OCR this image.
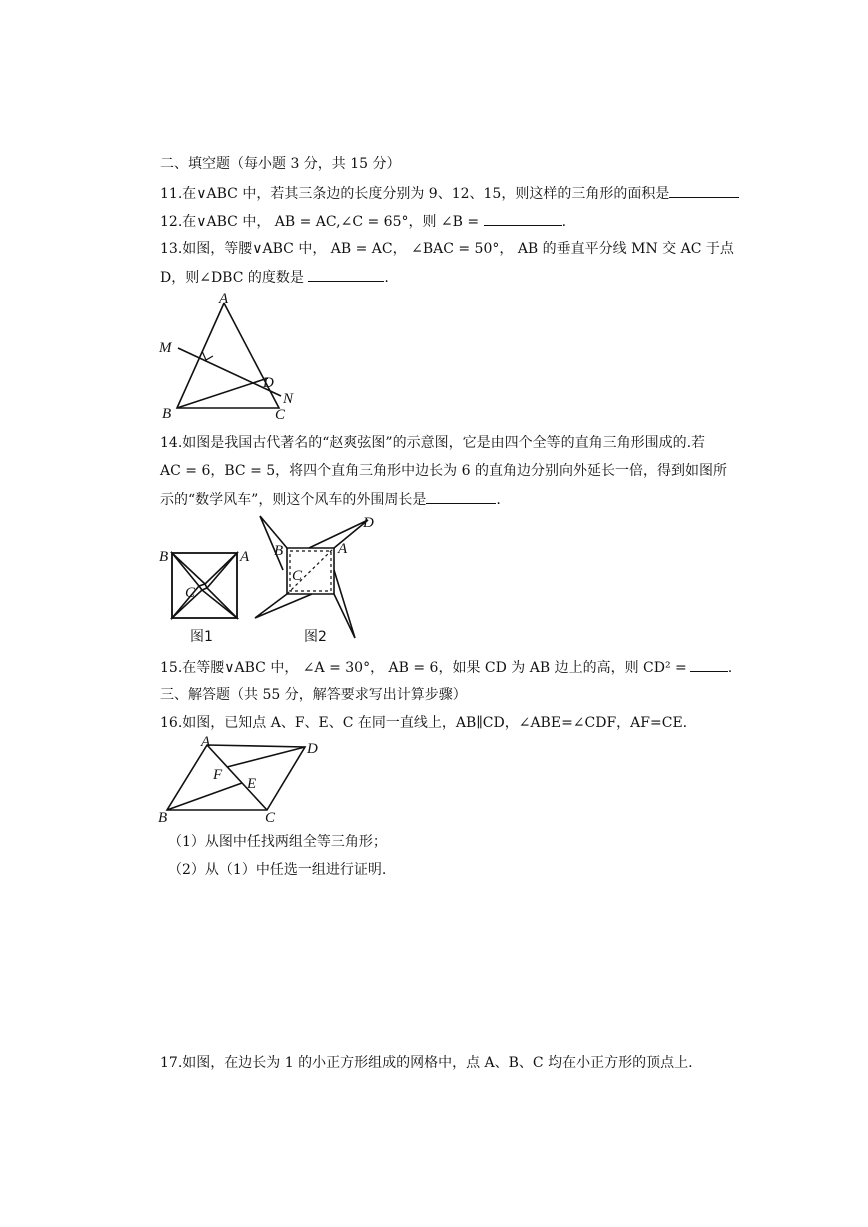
二、填空题（每小题 3 分，共 15 分）
11.在∨ABC 中，若其三条边的长度分别为 9、12、15，则这样的三角形的面积是
12.在∨ABC 中， AB = AC,∠C = 65°，则 ∠B =	.
13.如图，等腰∨ABC 中， AB = AC， ∠BAC = 50°， AB 的垂直平分线 MN 交 AC 于点
D，则∠DBC 的度数是	.
A
M
D
N
B	C
14.如图是我国古代著名的“赵爽弦图”的示意图，它是由四个全等的直角三角形围成的.若
AC = 6，BC = 5，将四个直角三角形中边长为 6 的直角边分别向外延长一倍，得到如图所
示的“数学风车”，则这个风车的外围周长是	.
B	A
C
图1
B	A
C
D
图2
15.在等腰∨ABC 中， ∠A = 30°， AB = 6，如果 CD 为 AB 边上的高，则 CD² =	.
三、解答题（共 55 分，解答要求写出计算步骤）
16.如图，已知点 A、F、E、C 在同一直线上，AB∥CD，∠ABE=∠CDF，AF=CE.
A	D
F
E
B	C
（1）从图中任找两组全等三角形；
（2）从（1）中任选一组进行证明.
17.如图，在边长为 1 的小正方形组成的网格中，点 A、B、C 均在小正方形的顶点上.
